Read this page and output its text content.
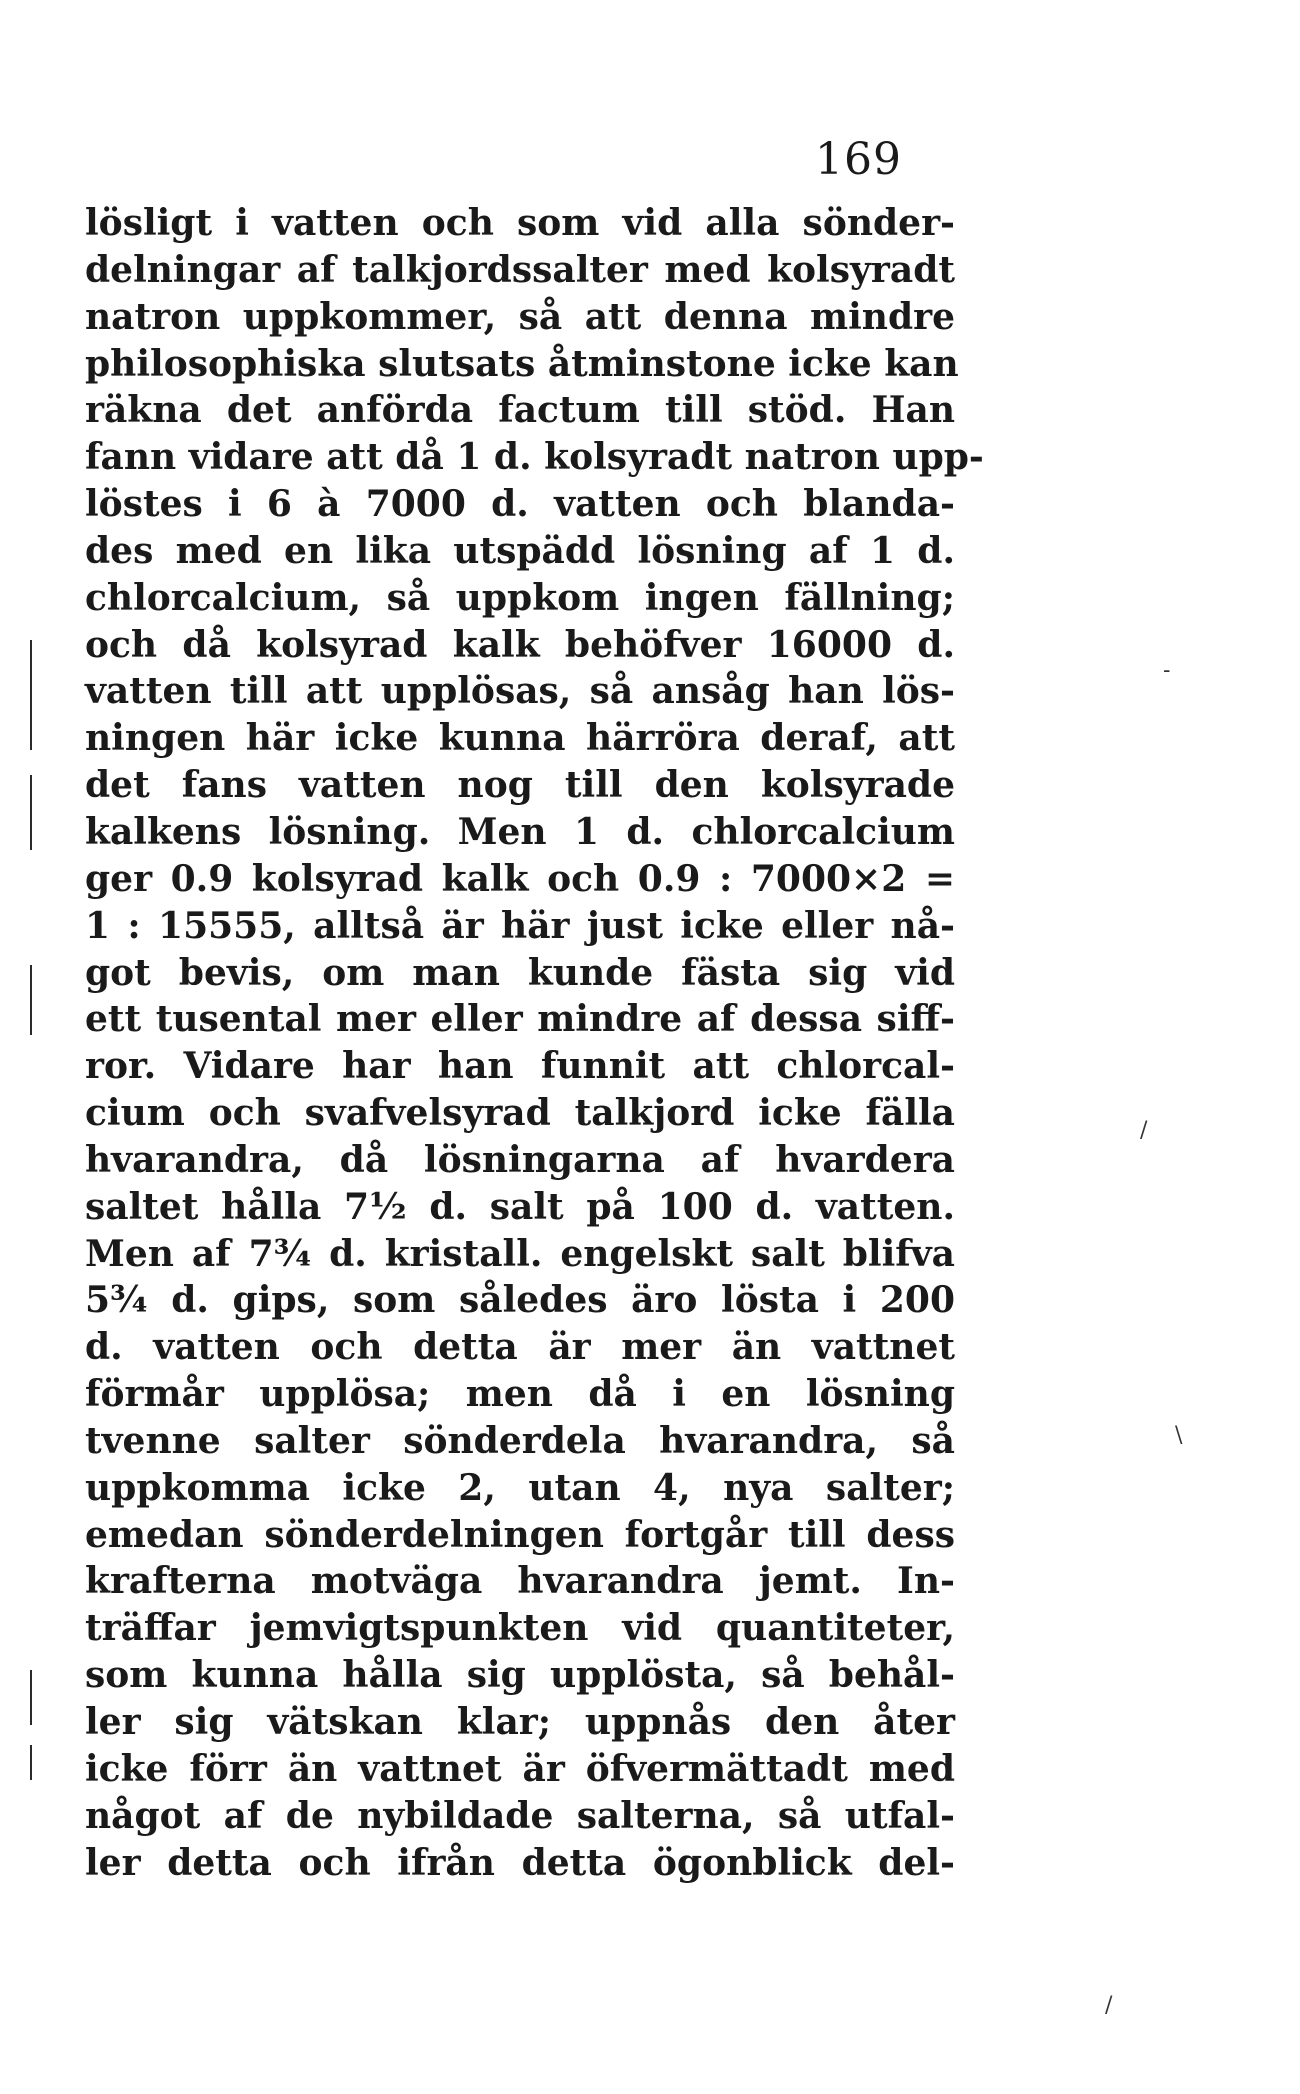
169
lösligt i vatten och som vid alla sönder-
delningar af talkjordssalter med kolsyradt
natron uppkommer, så att denna mindre
philosophiska slutsats åtminstone icke kan
räkna det anförda factum till stöd. Han
fann vidare att då 1 d. kolsyradt natron upp-
löstes i 6 à 7000 d. vatten och blanda-
des med en lika utspädd lösning af 1 d.
chlorcalcium, så uppkom ingen fällning;
och då kolsyrad kalk behöfver 16000 d.
vatten till att upplösas, så ansåg han lös-
ningen här icke kunna härröra deraf, att
det fans vatten nog till den kolsyrade
kalkens lösning. Men 1 d. chlorcalcium
ger 0.9 kolsyrad kalk och 0.9 : 7000×2 =
1 : 15555, alltså är här just icke eller nå-
got bevis, om man kunde fästa sig vid
ett tusental mer eller mindre af dessa siff-
ror. Vidare har han funnit att chlorcal-
cium och svafvelsyrad talkjord icke fälla
hvarandra, då lösningarna af hvardera
saltet hålla 7½ d. salt på 100 d. vatten.
Men af 7¾ d. kristall. engelskt salt blifva
5¾ d. gips, som således äro lösta i 200
d. vatten och detta är mer än vattnet
förmår upplösa; men då i en lösning
tvenne salter sönderdela hvarandra, så
uppkomma icke 2, utan 4, nya salter;
emedan sönderdelningen fortgår till dess
krafterna motväga hvarandra jemt. In-
träffar jemvigtspunkten vid quantiteter,
som kunna hålla sig upplösta, så behål-
ler sig vätskan klar; uppnås den åter
icke förr än vattnet är öfvermättadt med
något af de nybildade salterna, så utfal-
ler detta och ifrån detta ögonblick del-
-
/
/
\
